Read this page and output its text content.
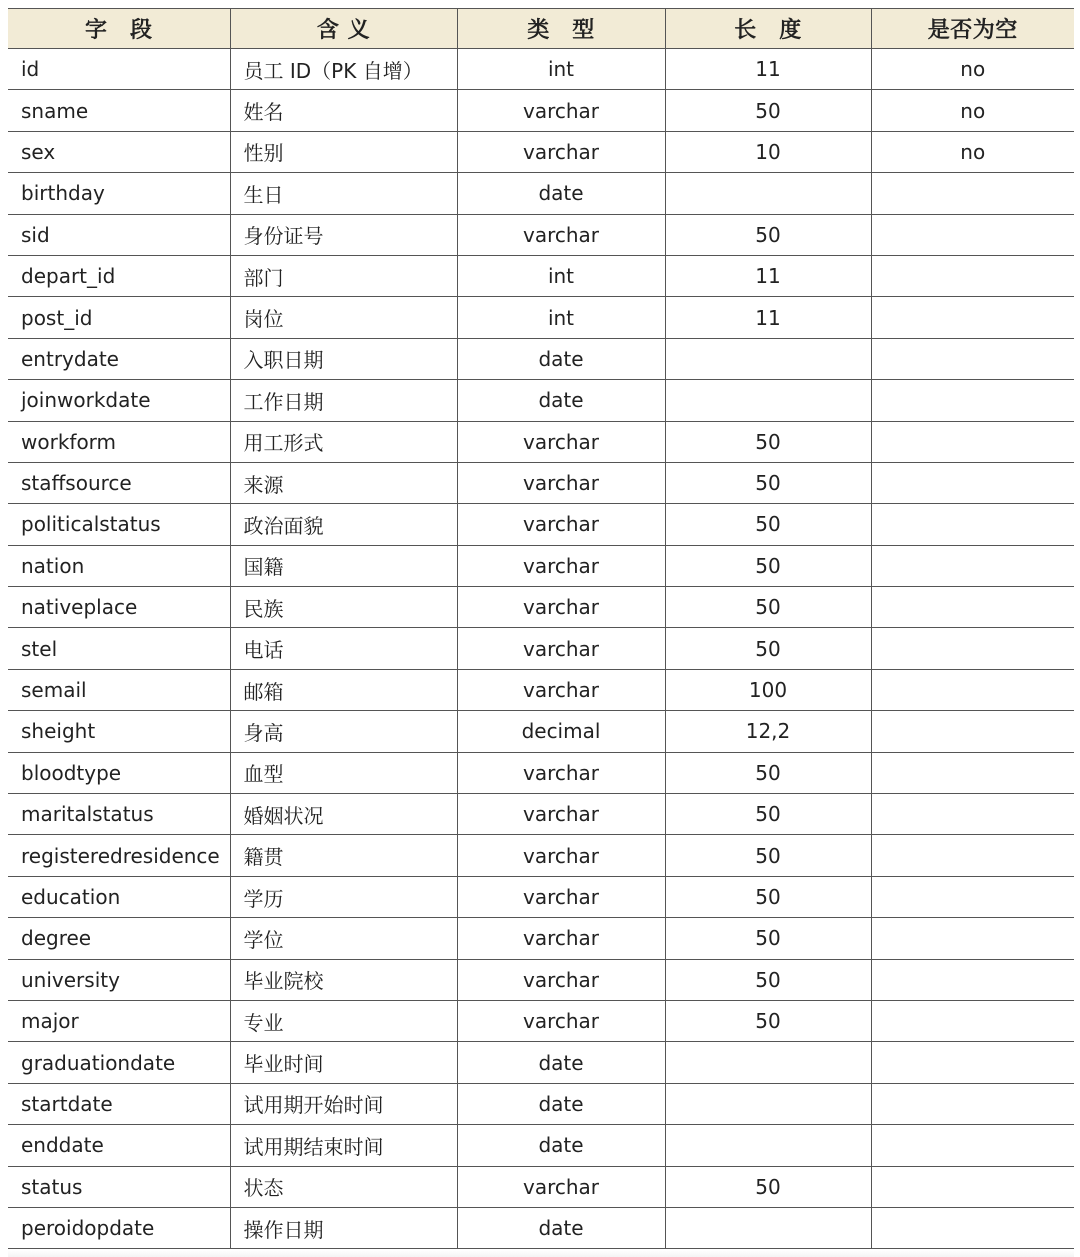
字　段	含 义	类　型	长　度	是否为空
id	员工 ID（PK 自增）	int	11	no
sname	姓名	varchar	50	no
sex	性别	varchar	10	no
birthday	生日	date		
sid	身份证号	varchar	50	
depart_id	部门	int	11	
post_id	岗位	int	11	
entrydate	入职日期	date		
joinworkdate	工作日期	date		
workform	用工形式	varchar	50	
staffsource	来源	varchar	50	
politicalstatus	政治面貌	varchar	50	
nation	国籍	varchar	50	
nativeplace	民族	varchar	50	
stel	电话	varchar	50	
semail	邮箱	varchar	100	
sheight	身高	decimal	12,2	
bloodtype	血型	varchar	50	
maritalstatus	婚姻状况	varchar	50	
registeredresidence	籍贯	varchar	50	
education	学历	varchar	50	
degree	学位	varchar	50	
university	毕业院校	varchar	50	
major	专业	varchar	50	
graduationdate	毕业时间	date		
startdate	试用期开始时间	date		
enddate	试用期结束时间	date		
status	状态	varchar	50	
peroidopdate	操作日期	date		
